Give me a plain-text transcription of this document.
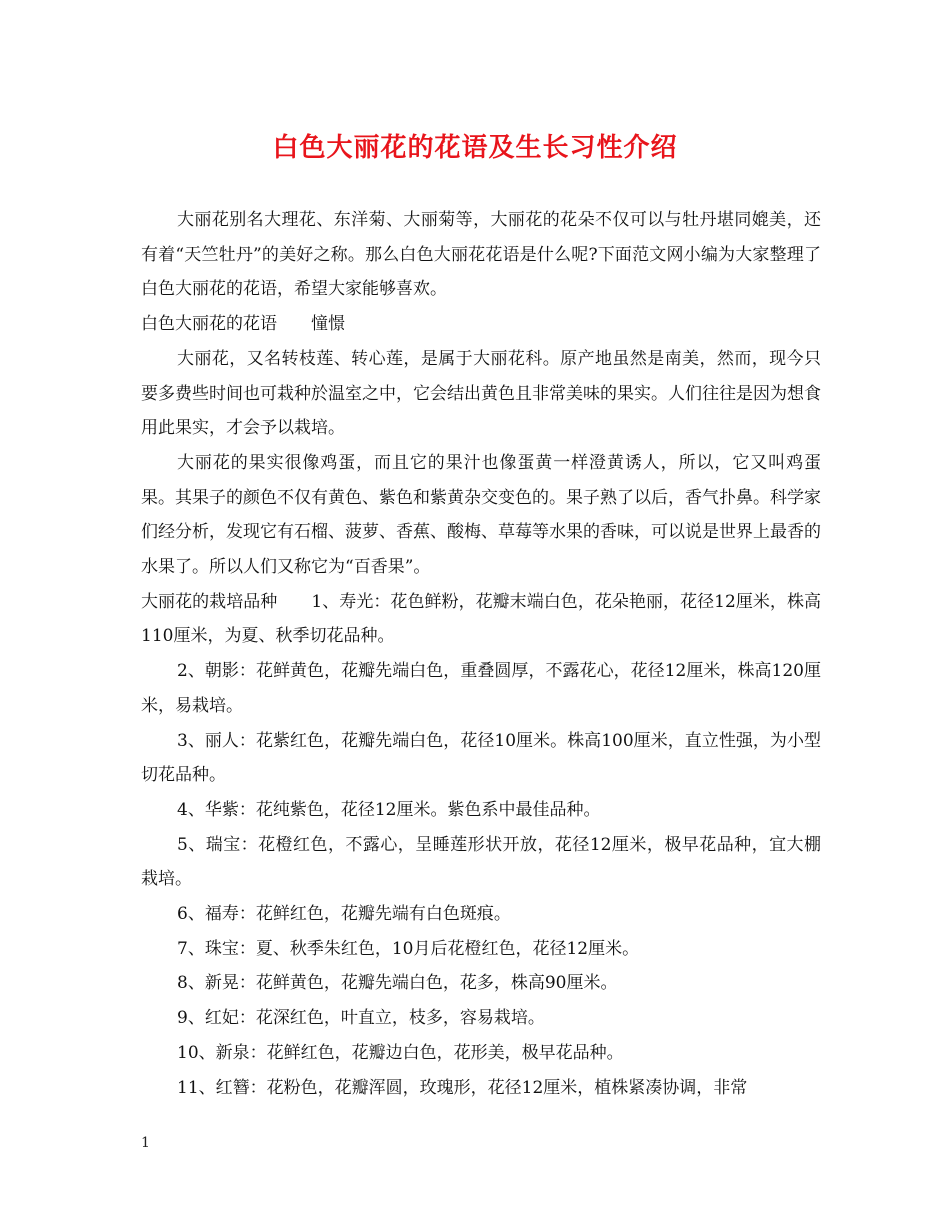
白色大丽花的花语及生长习性介绍

大丽花别名大理花、东洋菊、大丽菊等，大丽花的花朵不仅可以与牡丹堪同媲美，还有着“天竺牡丹”的美好之称。那么白色大丽花花语是什么呢?下面范文网小编为大家整理了白色大丽花的花语，希望大家能够喜欢。

白色大丽花的花语　　憧憬

大丽花，又名转枝莲、转心莲，是属于大丽花科。原产地虽然是南美，然而，现今只要多费些时间也可栽种於温室之中，它会结出黄色且非常美味的果实。人们往往是因为想食用此果实，才会予以栽培。

大丽花的果实很像鸡蛋，而且它的果汁也像蛋黄一样澄黄诱人，所以，它又叫鸡蛋果。其果子的颜色不仅有黄色、紫色和紫黄杂交变色的。果子熟了以后，香气扑鼻。科学家们经分析，发现它有石榴、菠萝、香蕉、酸梅、草莓等水果的香味，可以说是世界上最香的水果了。所以人们又称它为“百香果”。

大丽花的栽培品种　　1、寿光：花色鲜粉，花瓣末端白色，花朵艳丽，花径12厘米，株高110厘米，为夏、秋季切花品种。

2、朝影：花鲜黄色，花瓣先端白色，重叠圆厚，不露花心，花径12厘米，株高120厘米，易栽培。

3、丽人：花紫红色，花瓣先端白色，花径10厘米。株高100厘米，直立性强，为小型切花品种。

4、华紫：花纯紫色，花径12厘米。紫色系中最佳品种。

5、瑞宝：花橙红色，不露心，呈睡莲形状开放，花径12厘米，极早花品种，宜大棚栽培。

6、福寿：花鲜红色，花瓣先端有白色斑痕。

7、珠宝：夏、秋季朱红色，10月后花橙红色，花径12厘米。

8、新晃：花鲜黄色，花瓣先端白色，花多，株高90厘米。

9、红妃：花深红色，叶直立，枝多，容易栽培。

10、新泉：花鲜红色，花瓣边白色，花形美，极早花品种。

11、红簪：花粉色，花瓣浑圆，玫瑰形，花径12厘米，植株紧凑协调，非常

1
